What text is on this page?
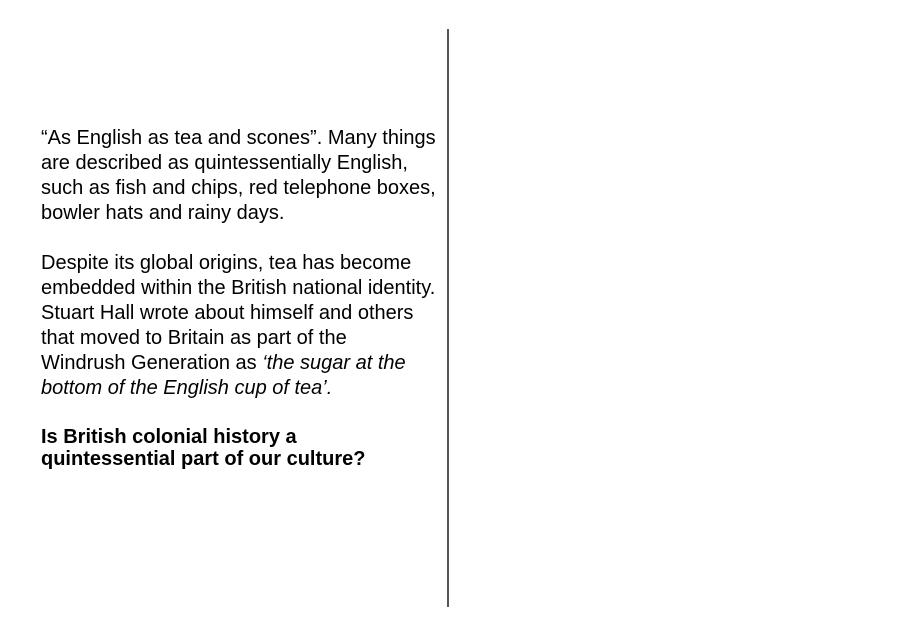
“As English as tea and scones”. Many things are described as quintessentially English, such as fish and chips, red telephone boxes, bowler hats and rainy days.

Despite its global origins, tea has become embedded within the British national identity. Stuart Hall wrote about himself and others that moved to Britain as part of the Windrush Generation as ‘the sugar at the bottom of the English cup of tea’.

Is British colonial history a quintessential part of our culture?
